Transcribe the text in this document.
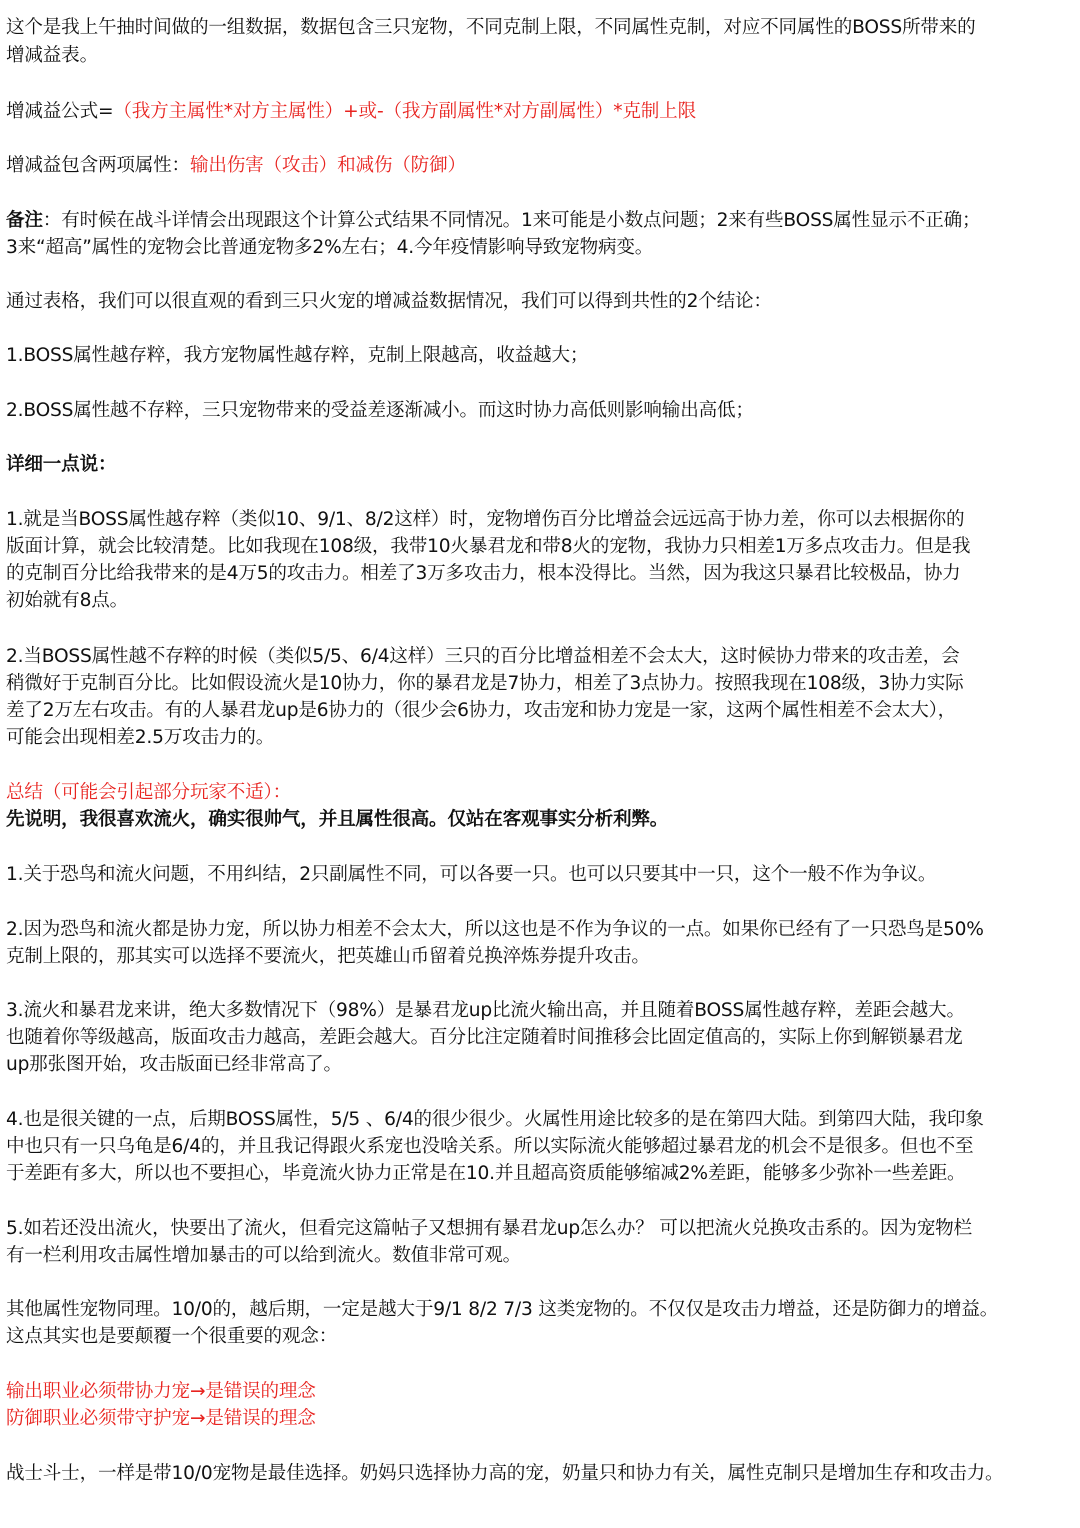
这个是我上午抽时间做的一组数据，数据包含三只宠物，不同克制上限，不同属性克制，对应不同属性的BOSS所带来的
增减益表。
增减益公式=（我方主属性*对方主属性）+或-（我方副属性*对方副属性）*克制上限
增减益包含两项属性：输出伤害（攻击）和减伤（防御）
备注：有时候在战斗详情会出现跟这个计算公式结果不同情况。1来可能是小数点问题；2来有些BOSS属性显示不正确；
3来“超高”属性的宠物会比普通宠物多2%左右；4.今年疫情影响导致宠物病变。
通过表格，我们可以很直观的看到三只火宠的增减益数据情况，我们可以得到共性的2个结论：
1.BOSS属性越存粹，我方宠物属性越存粹，克制上限越高，收益越大；
2.BOSS属性越不存粹，三只宠物带来的受益差逐渐减小。而这时协力高低则影响输出高低；
详细一点说：
1.就是当BOSS属性越存粹（类似10、9/1、8/2这样）时，宠物增伤百分比增益会远远高于协力差，你可以去根据你的
版面计算，就会比较清楚。比如我现在108级，我带10火暴君龙和带8火的宠物，我协力只相差1万多点攻击力。但是我
的克制百分比给我带来的是4万5的攻击力。相差了3万多攻击力，根本没得比。当然，因为我这只暴君比较极品，协力
初始就有8点。
2.当BOSS属性越不存粹的时候（类似5/5、6/4这样）三只的百分比增益相差不会太大，这时候协力带来的攻击差，会
稍微好于克制百分比。比如假设流火是10协力，你的暴君龙是7协力，相差了3点协力。按照我现在108级，3协力实际
差了2万左右攻击。有的人暴君龙up是6协力的（很少会6协力，攻击宠和协力宠是一家，这两个属性相差不会太大），
可能会出现相差2.5万攻击力的。
总结（可能会引起部分玩家不适）：
先说明，我很喜欢流火，确实很帅气，并且属性很高。仅站在客观事实分析利弊。
1.关于恐鸟和流火问题，不用纠结，2只副属性不同，可以各要一只。也可以只要其中一只，这个一般不作为争议。
2.因为恐鸟和流火都是协力宠，所以协力相差不会太大，所以这也是不作为争议的一点。如果你已经有了一只恐鸟是50%
克制上限的，那其实可以选择不要流火，把英雄山币留着兑换淬炼券提升攻击。
3.流火和暴君龙来讲，绝大多数情况下（98%）是暴君龙up比流火输出高，并且随着BOSS属性越存粹，差距会越大。
也随着你等级越高，版面攻击力越高，差距会越大。百分比注定随着时间推移会比固定值高的，实际上你到解锁暴君龙
up那张图开始，攻击版面已经非常高了。
4.也是很关键的一点，后期BOSS属性，5/5 、6/4的很少很少。火属性用途比较多的是在第四大陆。到第四大陆，我印象
中也只有一只乌龟是6/4的，并且我记得跟火系宠也没啥关系。所以实际流火能够超过暴君龙的机会不是很多。但也不至
于差距有多大，所以也不要担心，毕竟流火协力正常是在10.并且超高资质能够缩减2%差距，能够多少弥补一些差距。
5.如若还没出流火，快要出了流火，但看完这篇帖子又想拥有暴君龙up怎么办？ 可以把流火兑换攻击系的。因为宠物栏
有一栏利用攻击属性增加暴击的可以给到流火。数值非常可观。
其他属性宠物同理。10/0的，越后期，一定是越大于9/1 8/2 7/3 这类宠物的。不仅仅是攻击力增益，还是防御力的增益。
这点其实也是要颠覆一个很重要的观念：
输出职业必须带协力宠→是错误的理念
防御职业必须带守护宠→是错误的理念
战士斗士，一样是带10/0宠物是最佳选择。奶妈只选择协力高的宠，奶量只和协力有关，属性克制只是增加生存和攻击力。
